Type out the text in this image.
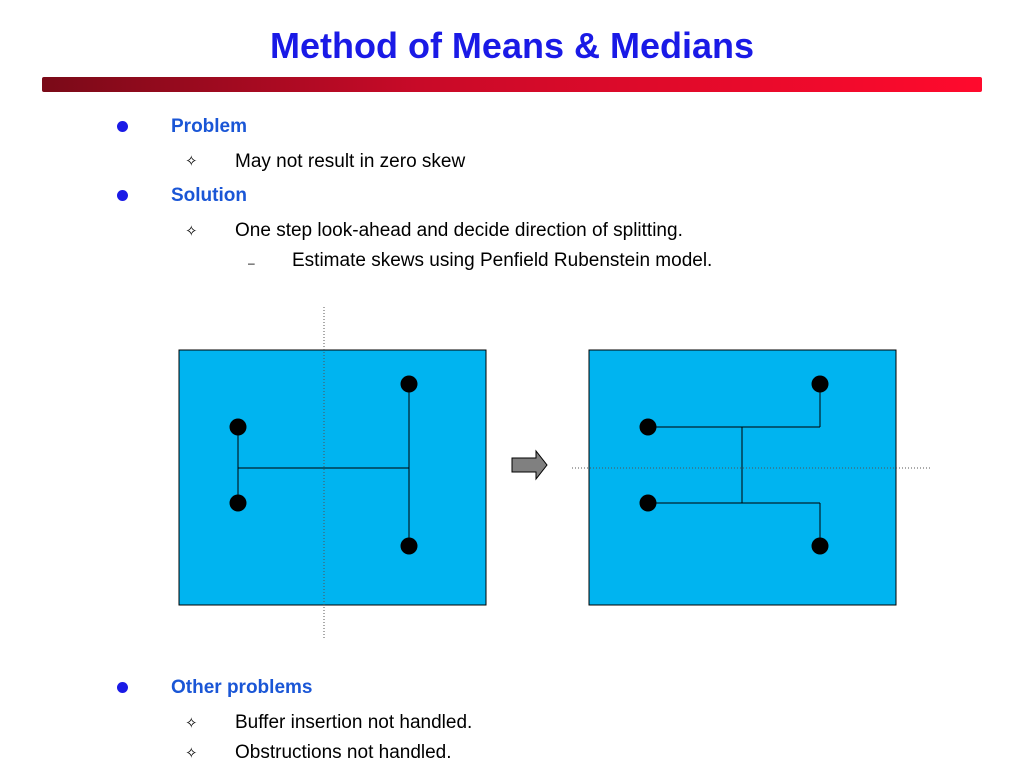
Method of Means & Medians
Problem
✧ May not result in zero skew
Solution
✧ One step look-ahead and decide direction of splitting.
– Estimate skews using Penfield Rubenstein model.
Other problems
✧ Buffer insertion not handled.
✧ Obstructions not handled.
